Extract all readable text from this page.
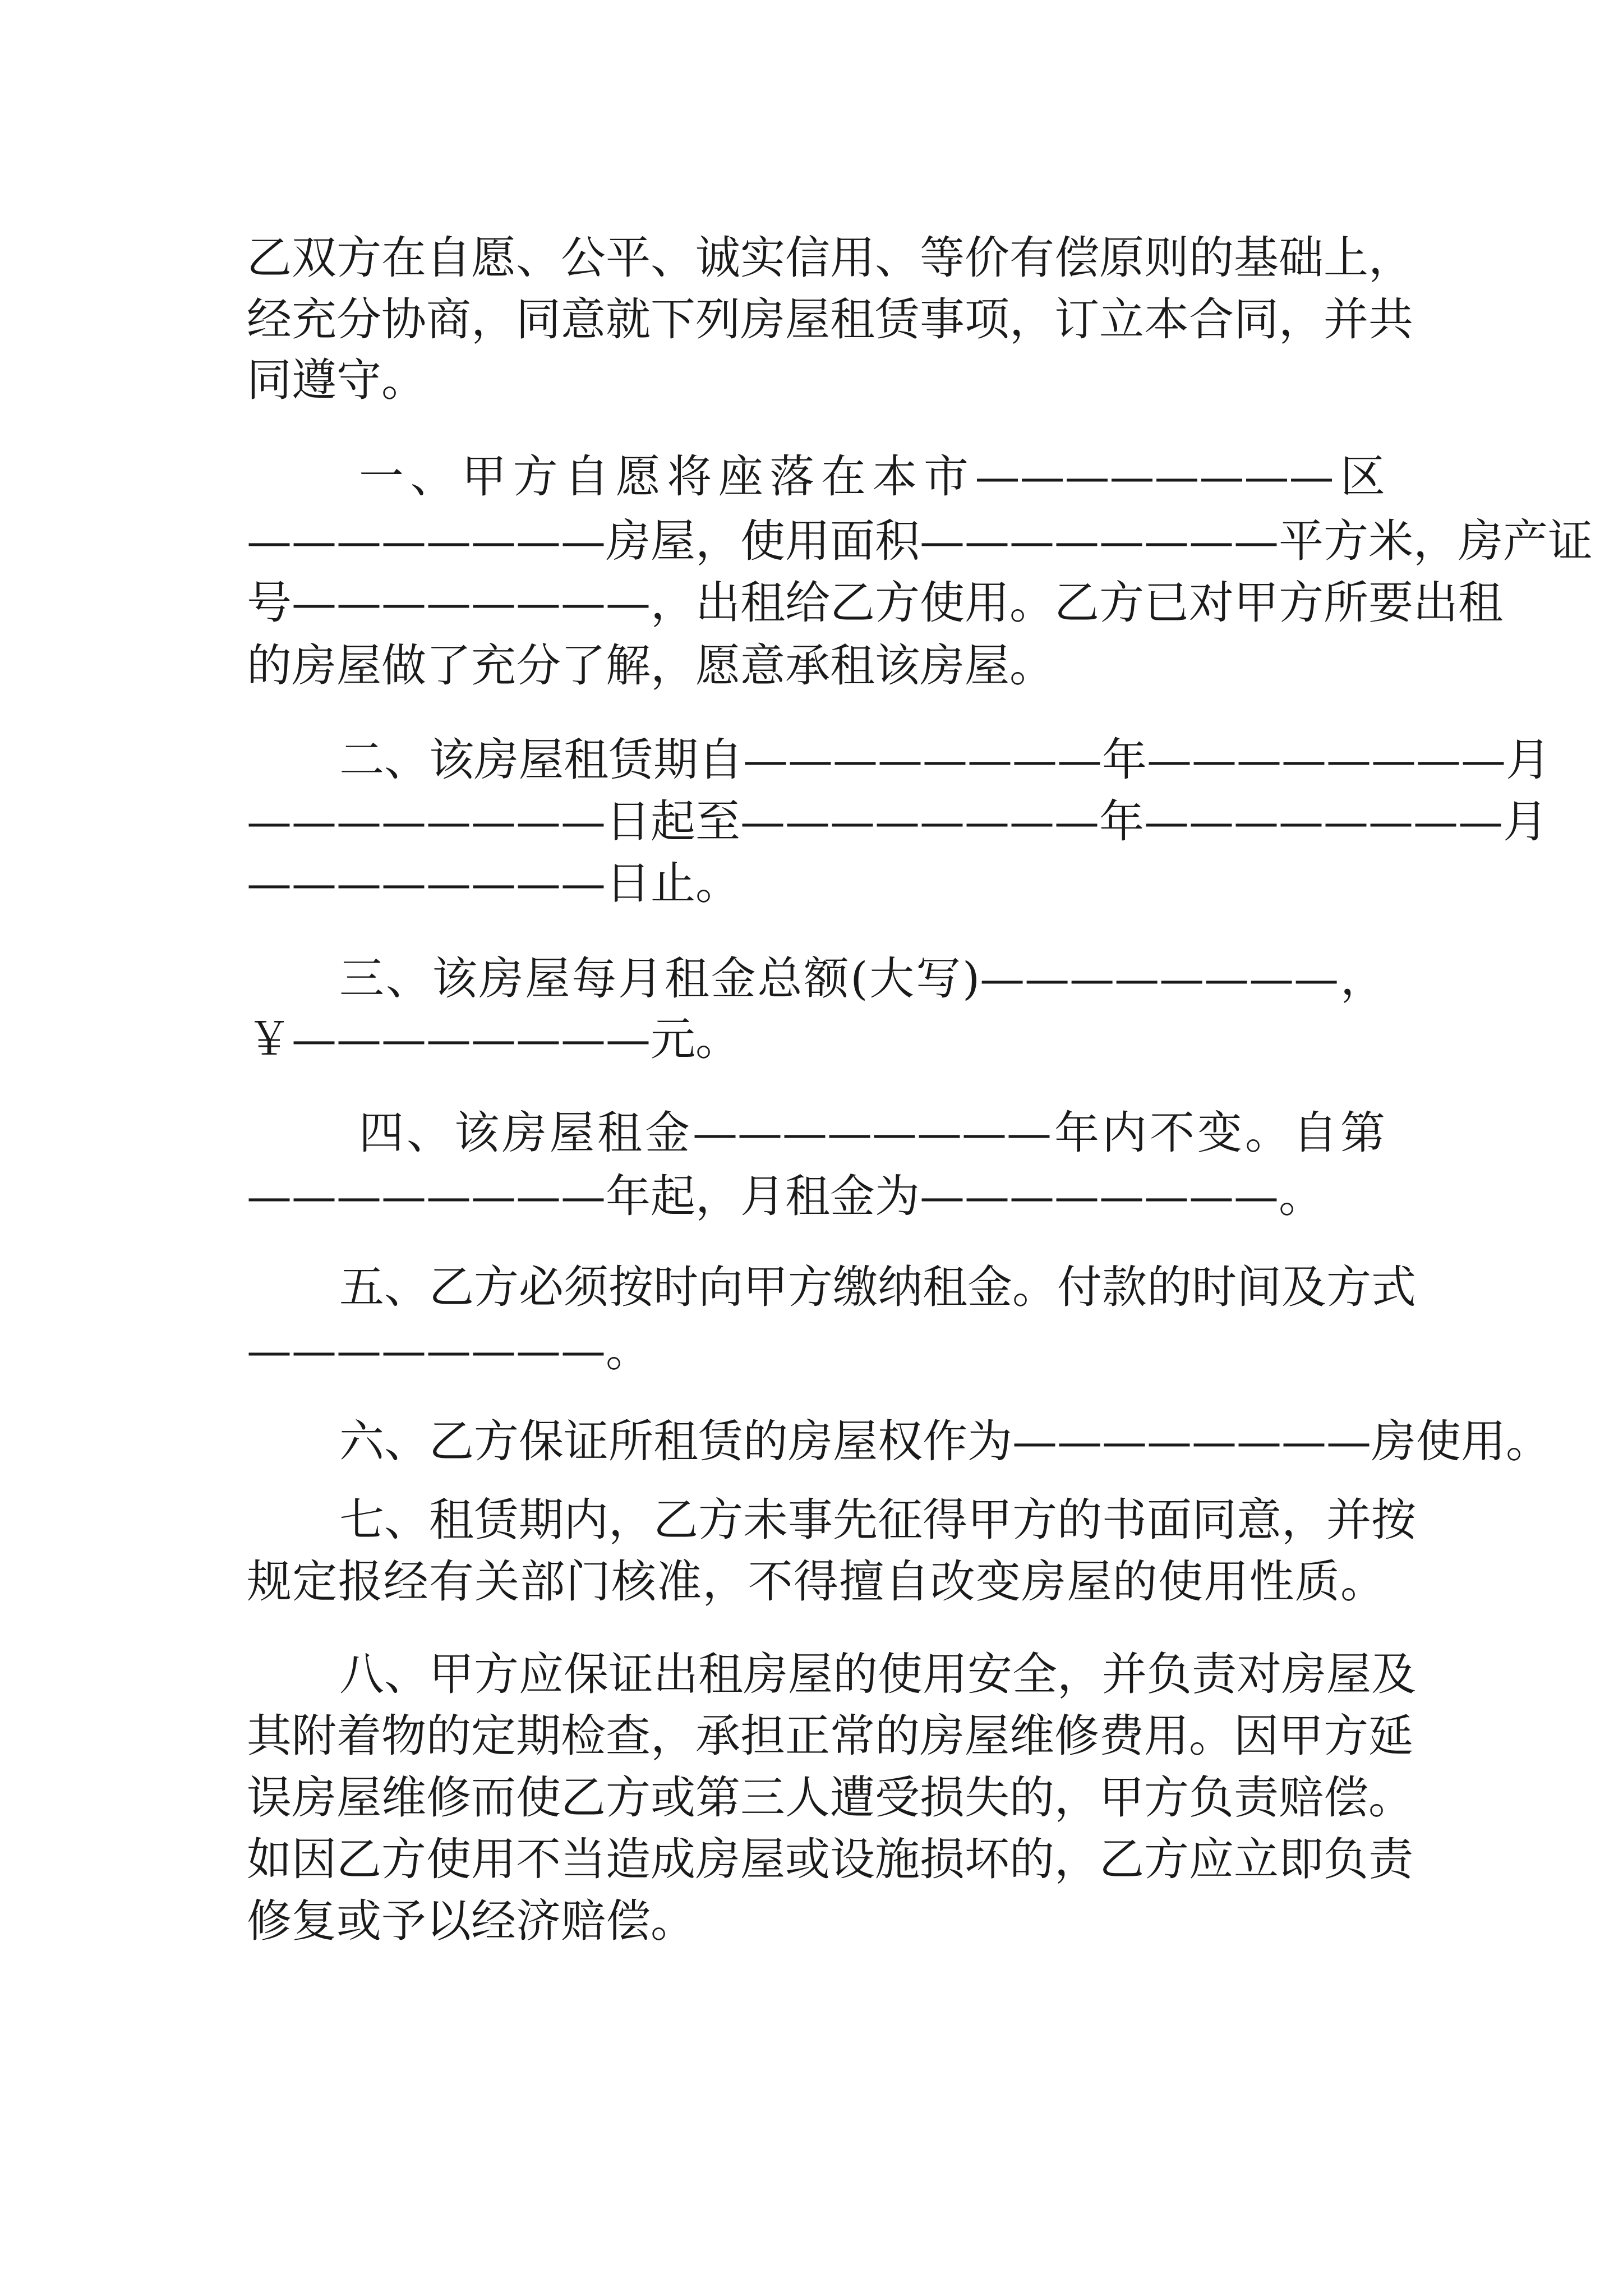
乙双方在自愿、公平、诚实信用、等价有偿原则的基础上，
经充分协商，同意就下列房屋租赁事项，订立本合同，并共
同遵守。
一、甲方自愿将座落在本市————————区
————————房屋，使用面积————————平方米，房产证
号————————，出租给乙方使用。乙方已对甲方所要出租
的房屋做了充分了解，愿意承租该房屋。
二、该房屋租赁期自————————年————————月
————————日起至————————年————————月
————————日止。
三、该房屋每月租金总额(大写)————————，
￥————————元。
四、该房屋租金————————年内不变。自第
————————年起，月租金为————————。
五、乙方必须按时向甲方缴纳租金。付款的时间及方式
————————。
六、乙方保证所租赁的房屋权作为————————房使用。
七、租赁期内，乙方未事先征得甲方的书面同意，并按
规定报经有关部门核准，不得擅自改变房屋的使用性质。
八、甲方应保证出租房屋的使用安全，并负责对房屋及
其附着物的定期检查，承担正常的房屋维修费用。因甲方延
误房屋维修而使乙方或第三人遭受损失的，甲方负责赔偿。
如因乙方使用不当造成房屋或设施损坏的，乙方应立即负责
修复或予以经济赔偿。
